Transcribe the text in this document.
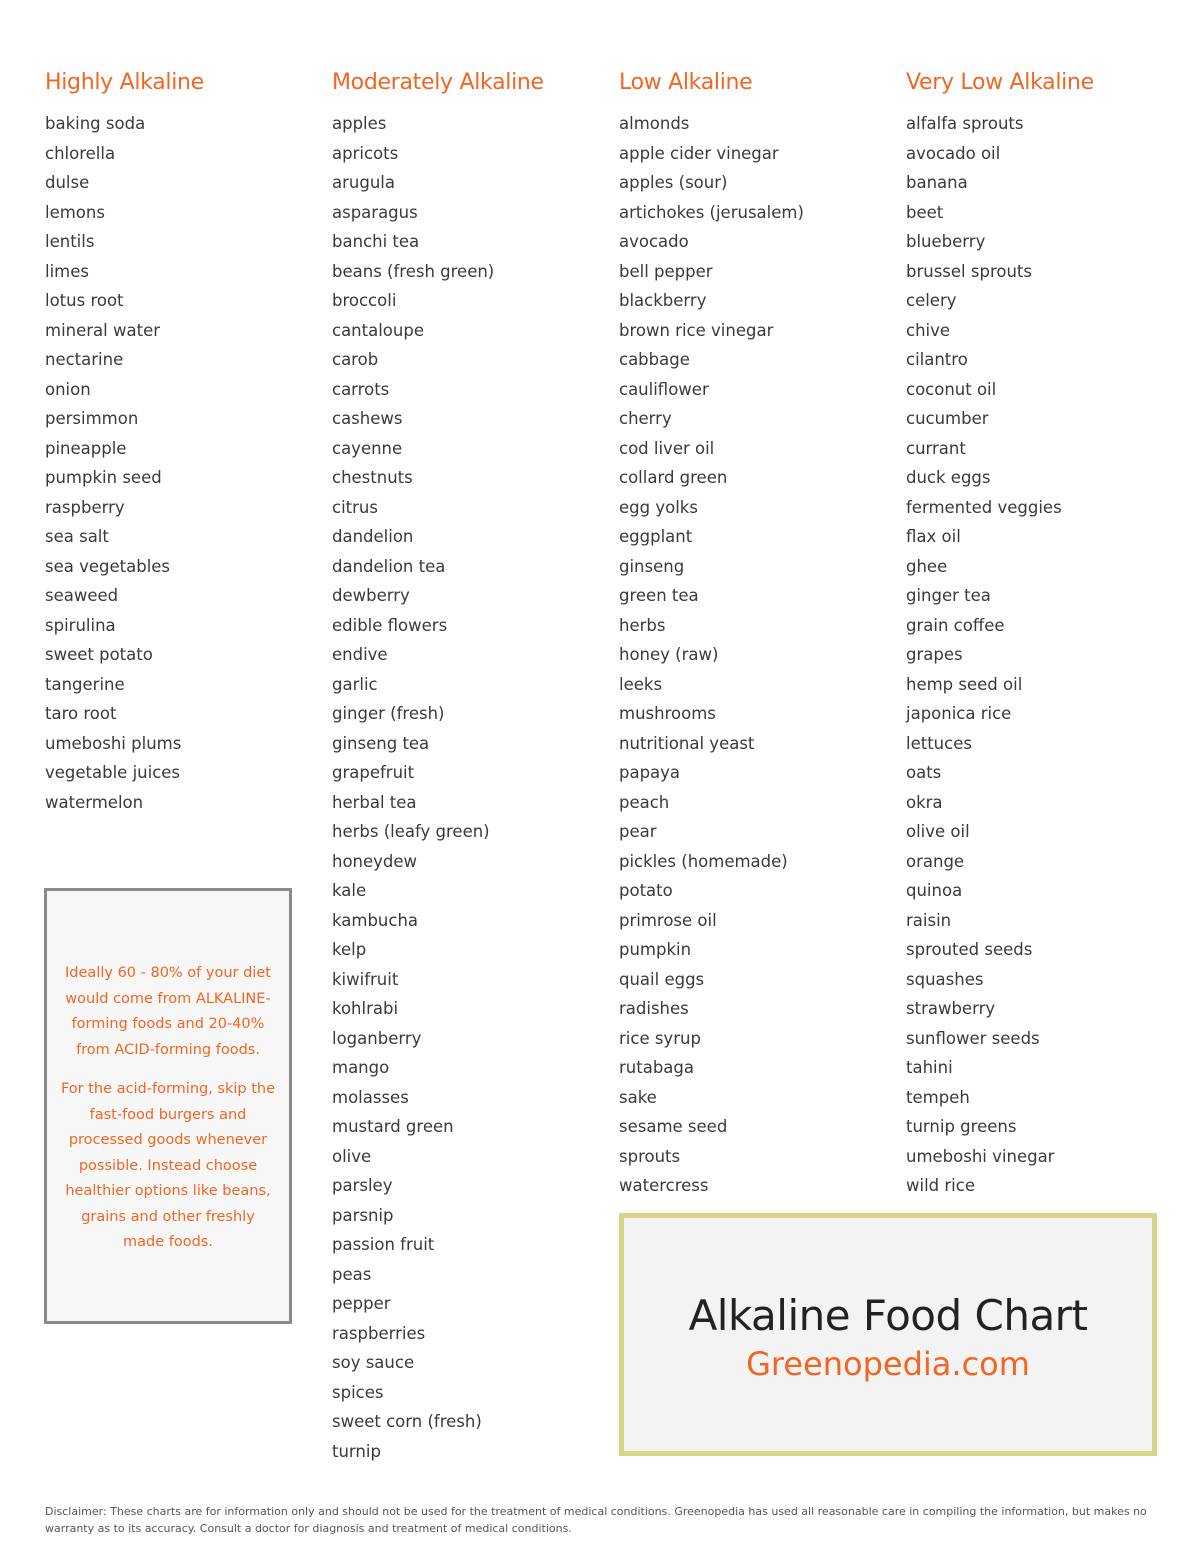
Highly Alkaline
baking soda
chlorella
dulse
lemons
lentils
limes
lotus root
mineral water
nectarine
onion
persimmon
pineapple
pumpkin seed
raspberry
sea salt
sea vegetables
seaweed
spirulina
sweet potato
tangerine
taro root
umeboshi plums
vegetable juices
watermelon
Moderately Alkaline
apples
apricots
arugula
asparagus
banchi tea
beans (fresh green)
broccoli
cantaloupe
carob
carrots
cashews
cayenne
chestnuts
citrus
dandelion
dandelion tea
dewberry
edible flowers
endive
garlic
ginger (fresh)
ginseng tea
grapefruit
herbal tea
herbs (leafy green)
honeydew
kale
kambucha
kelp
kiwifruit
kohlrabi
loganberry
mango
molasses
mustard green
olive
parsley
parsnip
passion fruit
peas
pepper
raspberries
soy sauce
spices
sweet corn (fresh)
turnip
Low Alkaline
almonds
apple cider vinegar
apples (sour)
artichokes (jerusalem)
avocado
bell pepper
blackberry
brown rice vinegar
cabbage
cauliflower
cherry
cod liver oil
collard green
egg yolks
eggplant
ginseng
green tea
herbs
honey (raw)
leeks
mushrooms
nutritional yeast
papaya
peach
pear
pickles (homemade)
potato
primrose oil
pumpkin
quail eggs
radishes
rice syrup
rutabaga
sake
sesame seed
sprouts
watercress
Very Low Alkaline
alfalfa sprouts
avocado oil
banana
beet
blueberry
brussel sprouts
celery
chive
cilantro
coconut oil
cucumber
currant
duck eggs
fermented veggies
flax oil
ghee
ginger tea
grain coffee
grapes
hemp seed oil
japonica rice
lettuces
oats
okra
olive oil
orange
quinoa
raisin
sprouted seeds
squashes
strawberry
sunflower seeds
tahini
tempeh
turnip greens
umeboshi vinegar
wild rice

Ideally 60 - 80% of your diet would come from ALKALINE-forming foods and 20-40% from ACID-forming foods.

For the acid-forming, skip the fast-food burgers and processed goods whenever possible. Instead choose healthier options like beans, grains and other freshly made foods.

Alkaline Food Chart
Greenopedia.com

Disclaimer: These charts are for information only and should not be used for the treatment of medical conditions. Greenopedia has used all reasonable care in compiling the information, but makes no warranty as to its accuracy. Consult a doctor for diagnosis and treatment of medical conditions.
